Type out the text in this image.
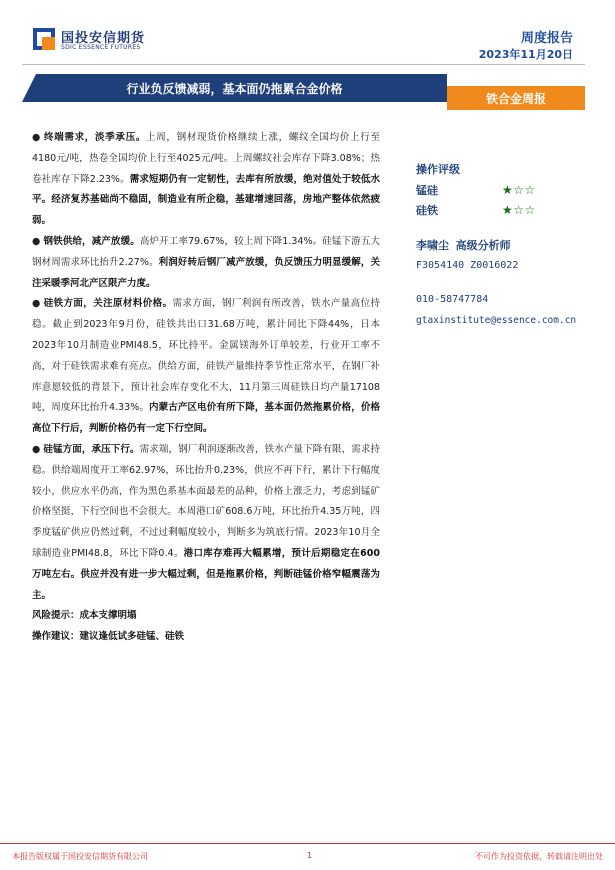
国投安信期货
SDIC ESSENCE FUTURES
周度报告
2023年11月20日
行业负反馈减弱，基本面仍拖累合金价格
铁合金周报

● 终端需求，淡季承压。上周，钢材现货价格继续上涨，螺纹全国均价上行至4180元/吨，热卷全国均价上行至4025元/吨。上周螺纹社会库存下降3.08%；热卷社库存下降2.23%。需求短期仍有一定韧性，去库有所放缓，绝对值处于较低水平。经济复苏基础尚不稳固，制造业有所企稳，基建增速回落，房地产整体依然疲弱。

● 钢铁供给，减产放缓。高炉开工率79.67%，较上周下降1.34%。硅锰下游五大钢材周需求环比抬升2.27%。利润好转后钢厂减产放缓，负反馈压力明显缓解，关注采暖季河北产区限产力度。

● 硅铁方面，关注原材料价格。需求方面，钢厂利润有所改善，铁水产量高位持稳。截止到2023年9月份，硅铁共出口31.68万吨，累计同比下降44%，日本2023年10月制造业PMI48.5，环比持平。金属镁海外订单较差，行业开工率不高，对于硅铁需求难有亮点。供给方面，硅铁产量维持季节性正常水平，在钢厂补库意愿较低的背景下，预计社会库存变化不大，11月第三周硅铁日均产量17108吨，周度环比抬升4.33%。内蒙古产区电价有所下降，基本面仍然拖累价格，价格高位下行后，判断价格仍有一定下行空间。

● 硅锰方面，承压下行。需求端，钢厂利润逐渐改善，铁水产量下降有限，需求持稳。供给端周度开工率62.97%，环比抬升0.23%，供应不再下行，累计下行幅度较小，供应水平仍高，作为黑色系基本面最差的品种，价格上涨乏力，考虑到锰矿价格坚挺，下行空间也不会很大。本周港口矿608.6万吨，环比抬升4.35万吨，四季度锰矿供应仍然过剩，不过过剩幅度较小，判断多为筑底行情。2023年10月全球制造业PMI48.8，环比下降0.4。港口库存难再大幅累增，预计后期稳定在600万吨左右。供应并没有进一步大幅过剩，但是拖累价格，判断硅锰价格窄幅震荡为主。

风险提示：成本支撑明塌

操作建议：建议逢低试多硅锰、硅铁

操作评级
锰硅	★☆☆
硅铁	★☆☆
李啸尘 高级分析师
F3054140 Z0016022
010-58747784
gtaxinstitute@essence.com.cn
本报告版权属于国投安信期货有限公司	1	不可作为投资依据，转载请注明出处
